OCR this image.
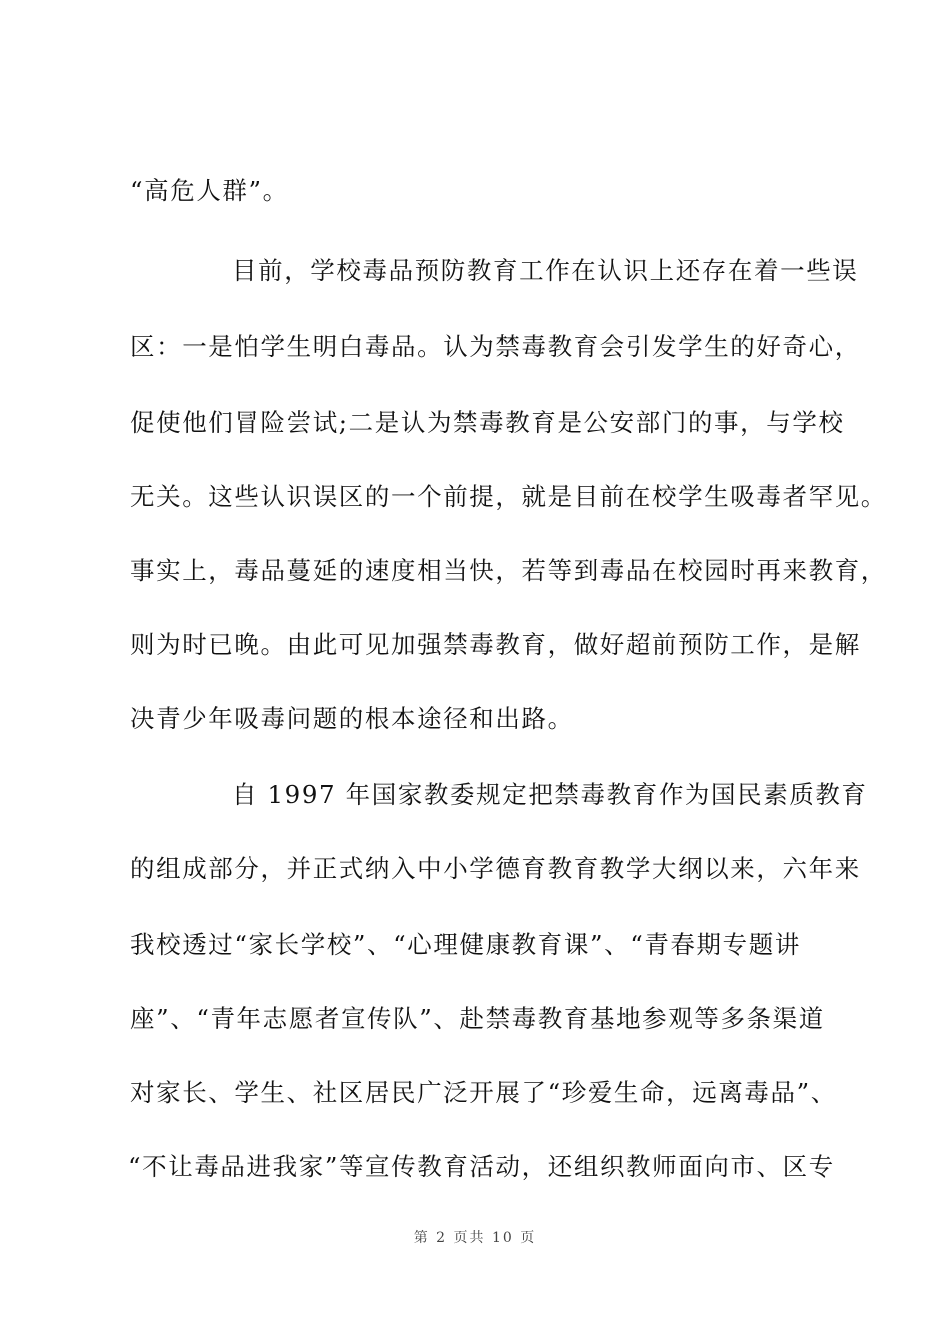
“高危人群”。
目前，学校毒品预防教育工作在认识上还存在着一些误
区：一是怕学生明白毒品。认为禁毒教育会引发学生的好奇心，
促使他们冒险尝试;二是认为禁毒教育是公安部门的事，与学校
无关。这些认识误区的一个前提，就是目前在校学生吸毒者罕见。
事实上，毒品蔓延的速度相当快，若等到毒品在校园时再来教育，
则为时已晚。由此可见加强禁毒教育，做好超前预防工作，是解
决青少年吸毒问题的根本途径和出路。
自 1997 年国家教委规定把禁毒教育作为国民素质教育
的组成部分，并正式纳入中小学德育教育教学大纲以来，六年来
我校透过“家长学校”、“心理健康教育课”、“青春期专题讲
座”、“青年志愿者宣传队”、赴禁毒教育基地参观等多条渠道
对家长、学生、社区居民广泛开展了“珍爱生命，远离毒品”、
“不让毒品进我家”等宣传教育活动，还组织教师面向市、区专
第 2 页共 10 页
